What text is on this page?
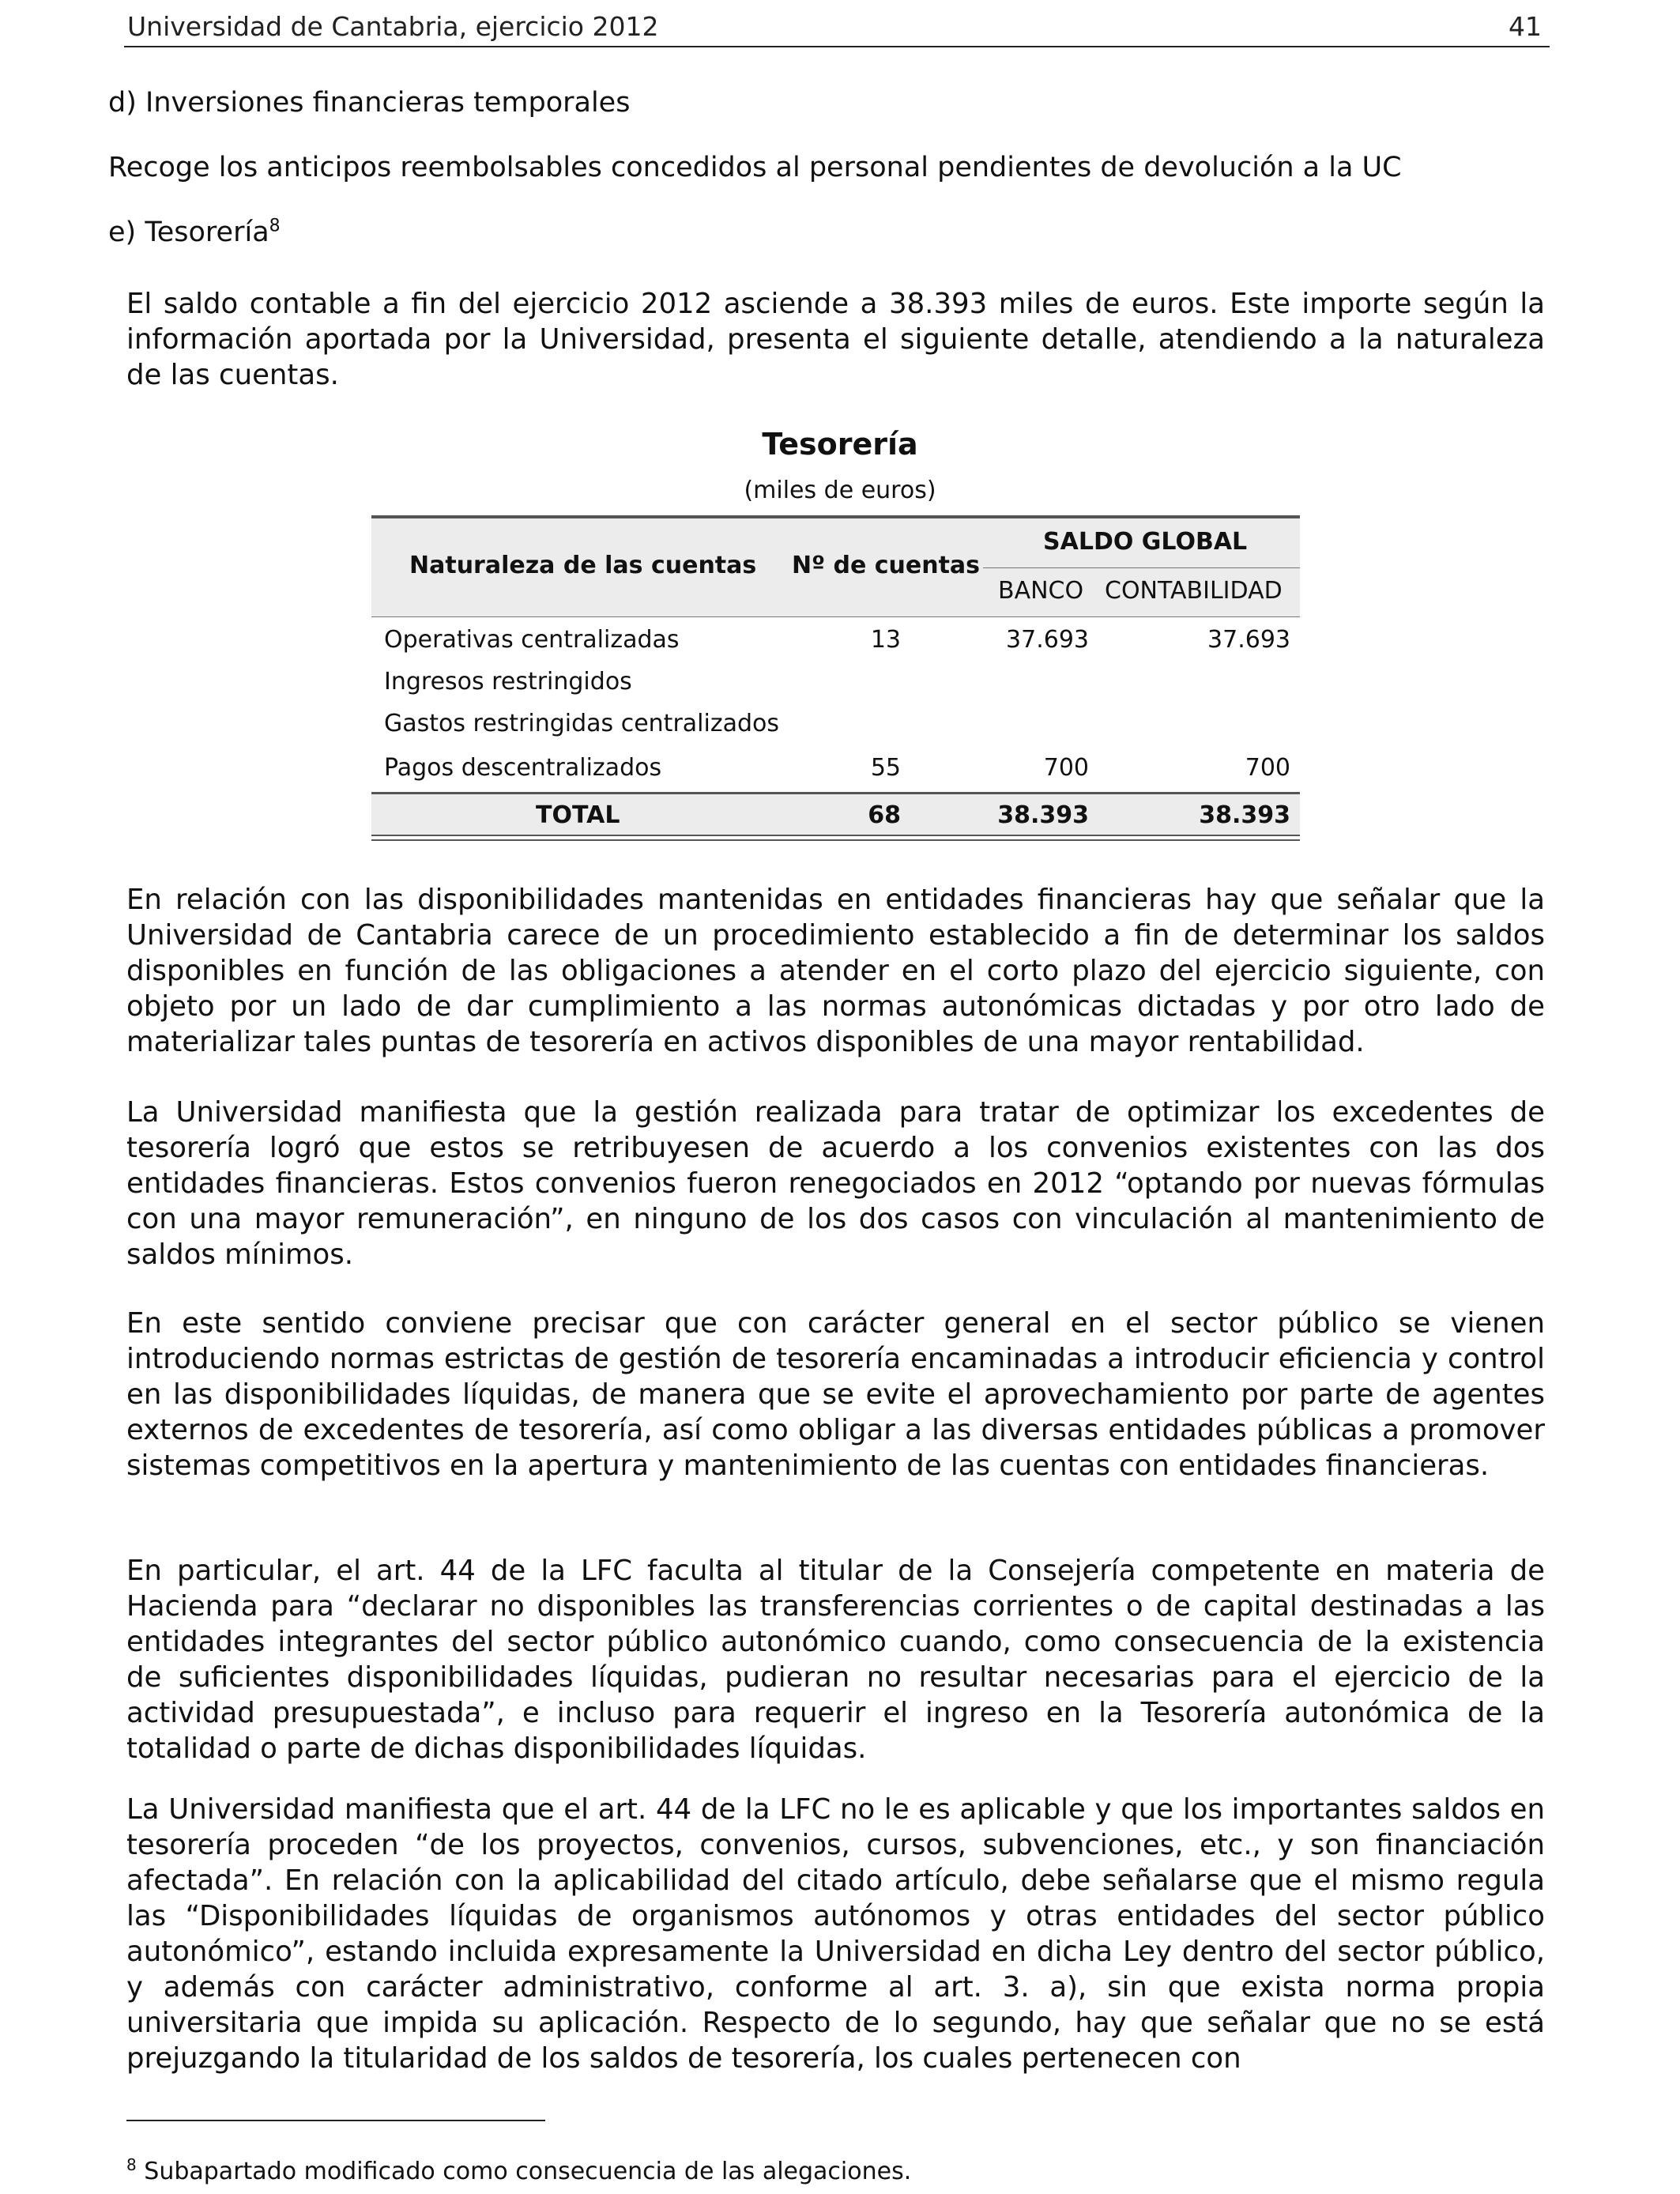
Universidad de Cantabria, ejercicio 2012	41
d) Inversiones financieras temporales
Recoge los anticipos reembolsables concedidos al personal pendientes de devolución a la UC
e) Tesorería$^8$
El saldo contable a fin del ejercicio 2012 asciende a 38.393 miles de euros. Este importe según la información aportada por la Universidad, presenta el siguiente detalle, atendiendo a la naturaleza de las cuentas.
Tesorería
(miles de euros)
Naturaleza de las cuentas Nº de cuentas
SALDO GLOBAL
BANCO CONTABILIDAD
Operativas centralizadas	13	37.693	37.693
Ingresos restringidos
Gastos restringidas centralizados
Pagos descentralizados	55	700	700
TOTAL	68	38.393	38.393
En relación con las disponibilidades mantenidas en entidades financieras hay que señalar que la Universidad de Cantabria carece de un procedimiento establecido a fin de determinar los saldos disponibles en función de las obligaciones a atender en el corto plazo del ejercicio siguiente, con objeto por un lado de dar cumplimiento a las normas autonómicas dictadas y por otro lado de materializar tales puntas de tesorería en activos disponibles de una mayor rentabilidad.
La Universidad manifiesta que la gestión realizada para tratar de optimizar los excedentes de tesorería logró que estos se retribuyesen de acuerdo a los convenios existentes con las dos entidades financieras. Estos convenios fueron renegociados en 2012 “optando por nuevas fórmulas con una mayor remuneración”, en ninguno de los dos casos con vinculación al mantenimiento de saldos mínimos.
En este sentido conviene precisar que con carácter general en el sector público se vienen introduciendo normas estrictas de gestión de tesorería encaminadas a introducir eficiencia y control en las disponibilidades líquidas, de manera que se evite el aprovechamiento por parte de agentes externos de excedentes de tesorería, así como obligar a las diversas entidades públicas a promover sistemas competitivos en la apertura y mantenimiento de las cuentas con entidades financieras.
En particular, el art. 44 de la LFC faculta al titular de la Consejería competente en materia de Hacienda para “declarar no disponibles las transferencias corrientes o de capital destinadas a las entidades integrantes del sector público autonómico cuando, como consecuencia de la existencia de suficientes disponibilidades líquidas, pudieran no resultar necesarias para el ejercicio de la actividad presupuestada”, e incluso para requerir el ingreso en la Tesorería autonómica de la totalidad o parte de dichas disponibilidades líquidas.
La Universidad manifiesta que el art. 44 de la LFC no le es aplicable y que los importantes saldos en tesorería proceden “de los proyectos, convenios, cursos, subvenciones, etc., y son financiación afectada”. En relación con la aplicabilidad del citado artículo, debe señalarse que el mismo regula las “Disponibilidades líquidas de organismos autónomos y otras entidades del sector público autonómico”, estando incluida expresamente la Universidad en dicha Ley dentro del sector público, y además con carácter administrativo, conforme al art. 3. a), sin que exista norma propia universitaria que impida su aplicación. Respecto de lo segundo, hay que señalar que no se está prejuzgando la titularidad de los saldos de tesorería, los cuales pertenecen con
$^8$ Subapartado modificado como consecuencia de las alegaciones.
